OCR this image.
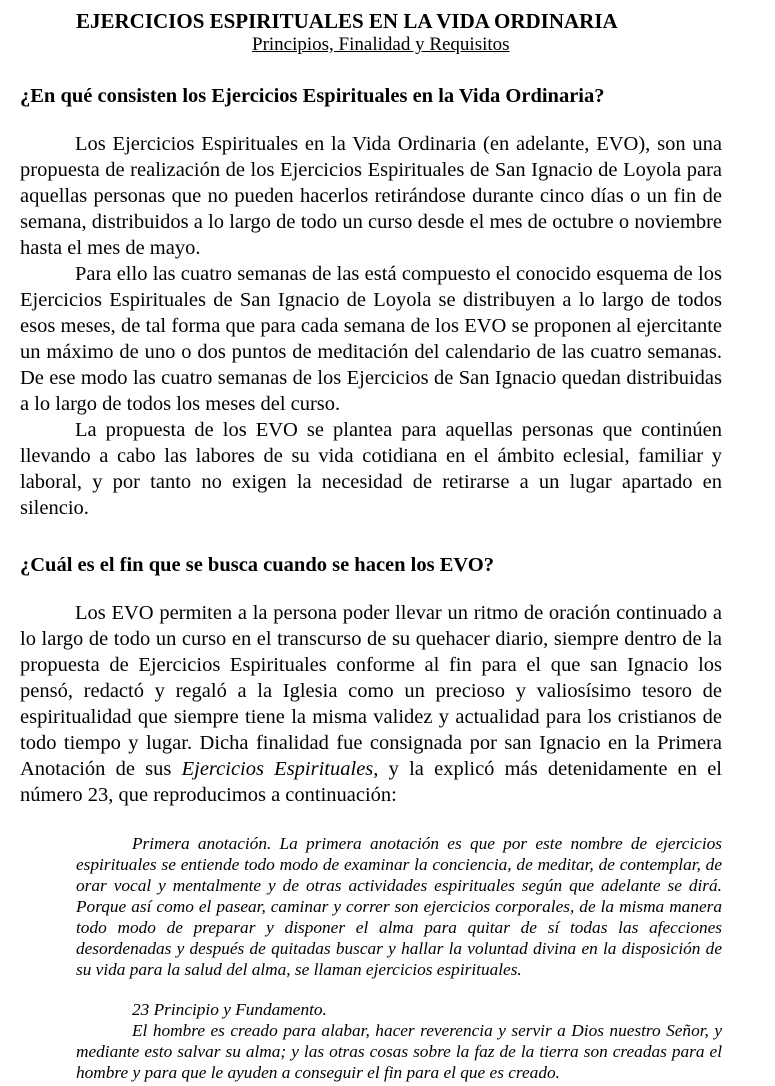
EJERCICIOS ESPIRITUALES EN LA VIDA ORDINARIA
Principios, Finalidad y Requisitos
¿En qué consisten los Ejercicios Espirituales en la Vida Ordinaria?

Los Ejercicios Espirituales en la Vida Ordinaria (en adelante, EVO), son una propuesta de realización de los Ejercicios Espirituales de San Ignacio de Loyola para aquellas personas que no pueden hacerlos retirándose durante cinco días o un fin de semana, distribuidos a lo largo de todo un curso desde el mes de octubre o noviembre hasta el mes de mayo.

Para ello las cuatro semanas de las está compuesto el conocido esquema de los Ejercicios Espirituales de San Ignacio de Loyola se distribuyen a lo largo de todos esos meses, de tal forma que para cada semana de los EVO se proponen al ejercitante un máximo de uno o dos puntos de meditación del calendario de las cuatro semanas. De ese modo las cuatro semanas de los Ejercicios de San Ignacio quedan distribuidas a lo largo de todos los meses del curso.

La propuesta de los EVO se plantea para aquellas personas que continúen llevando a cabo las labores de su vida cotidiana en el ámbito eclesial, familiar y laboral, y por tanto no exigen la necesidad de retirarse a un lugar apartado en silencio.

¿Cuál es el fin que se busca cuando se hacen los EVO?

Los EVO permiten a la persona poder llevar un ritmo de oración continuado a lo largo de todo un curso en el transcurso de su quehacer diario, siempre dentro de la propuesta de Ejercicios Espirituales conforme al fin para el que san Ignacio los pensó, redactó y regaló a la Iglesia como un precioso y valiosísimo tesoro de espiritualidad que siempre tiene la misma validez y actualidad para los cristianos de todo tiempo y lugar. Dicha finalidad fue consignada por san Ignacio en la Primera Anotación de sus Ejercicios Espirituales, y la explicó más detenidamente en el número 23, que reproducimos a continuación:

Primera anotación. La primera anotación es que por este nombre de ejercicios espirituales se entiende todo modo de examinar la conciencia, de meditar, de contemplar, de orar vocal y mentalmente y de otras actividades espirituales según que adelante se dirá. Porque así como el pasear, caminar y correr son ejercicios corporales, de la misma manera todo modo de preparar y disponer el alma para quitar de sí todas las afecciones desordenadas y después de quitadas buscar y hallar la voluntad divina en la disposición de su vida para la salud del alma, se llaman ejercicios espirituales.

23 Principio y Fundamento.

El hombre es creado para alabar, hacer reverencia y servir a Dios nuestro Señor, y mediante esto salvar su alma; y las otras cosas sobre la faz de la tierra son creadas para el hombre y para que le ayuden a conseguir el fin para el que es creado.
